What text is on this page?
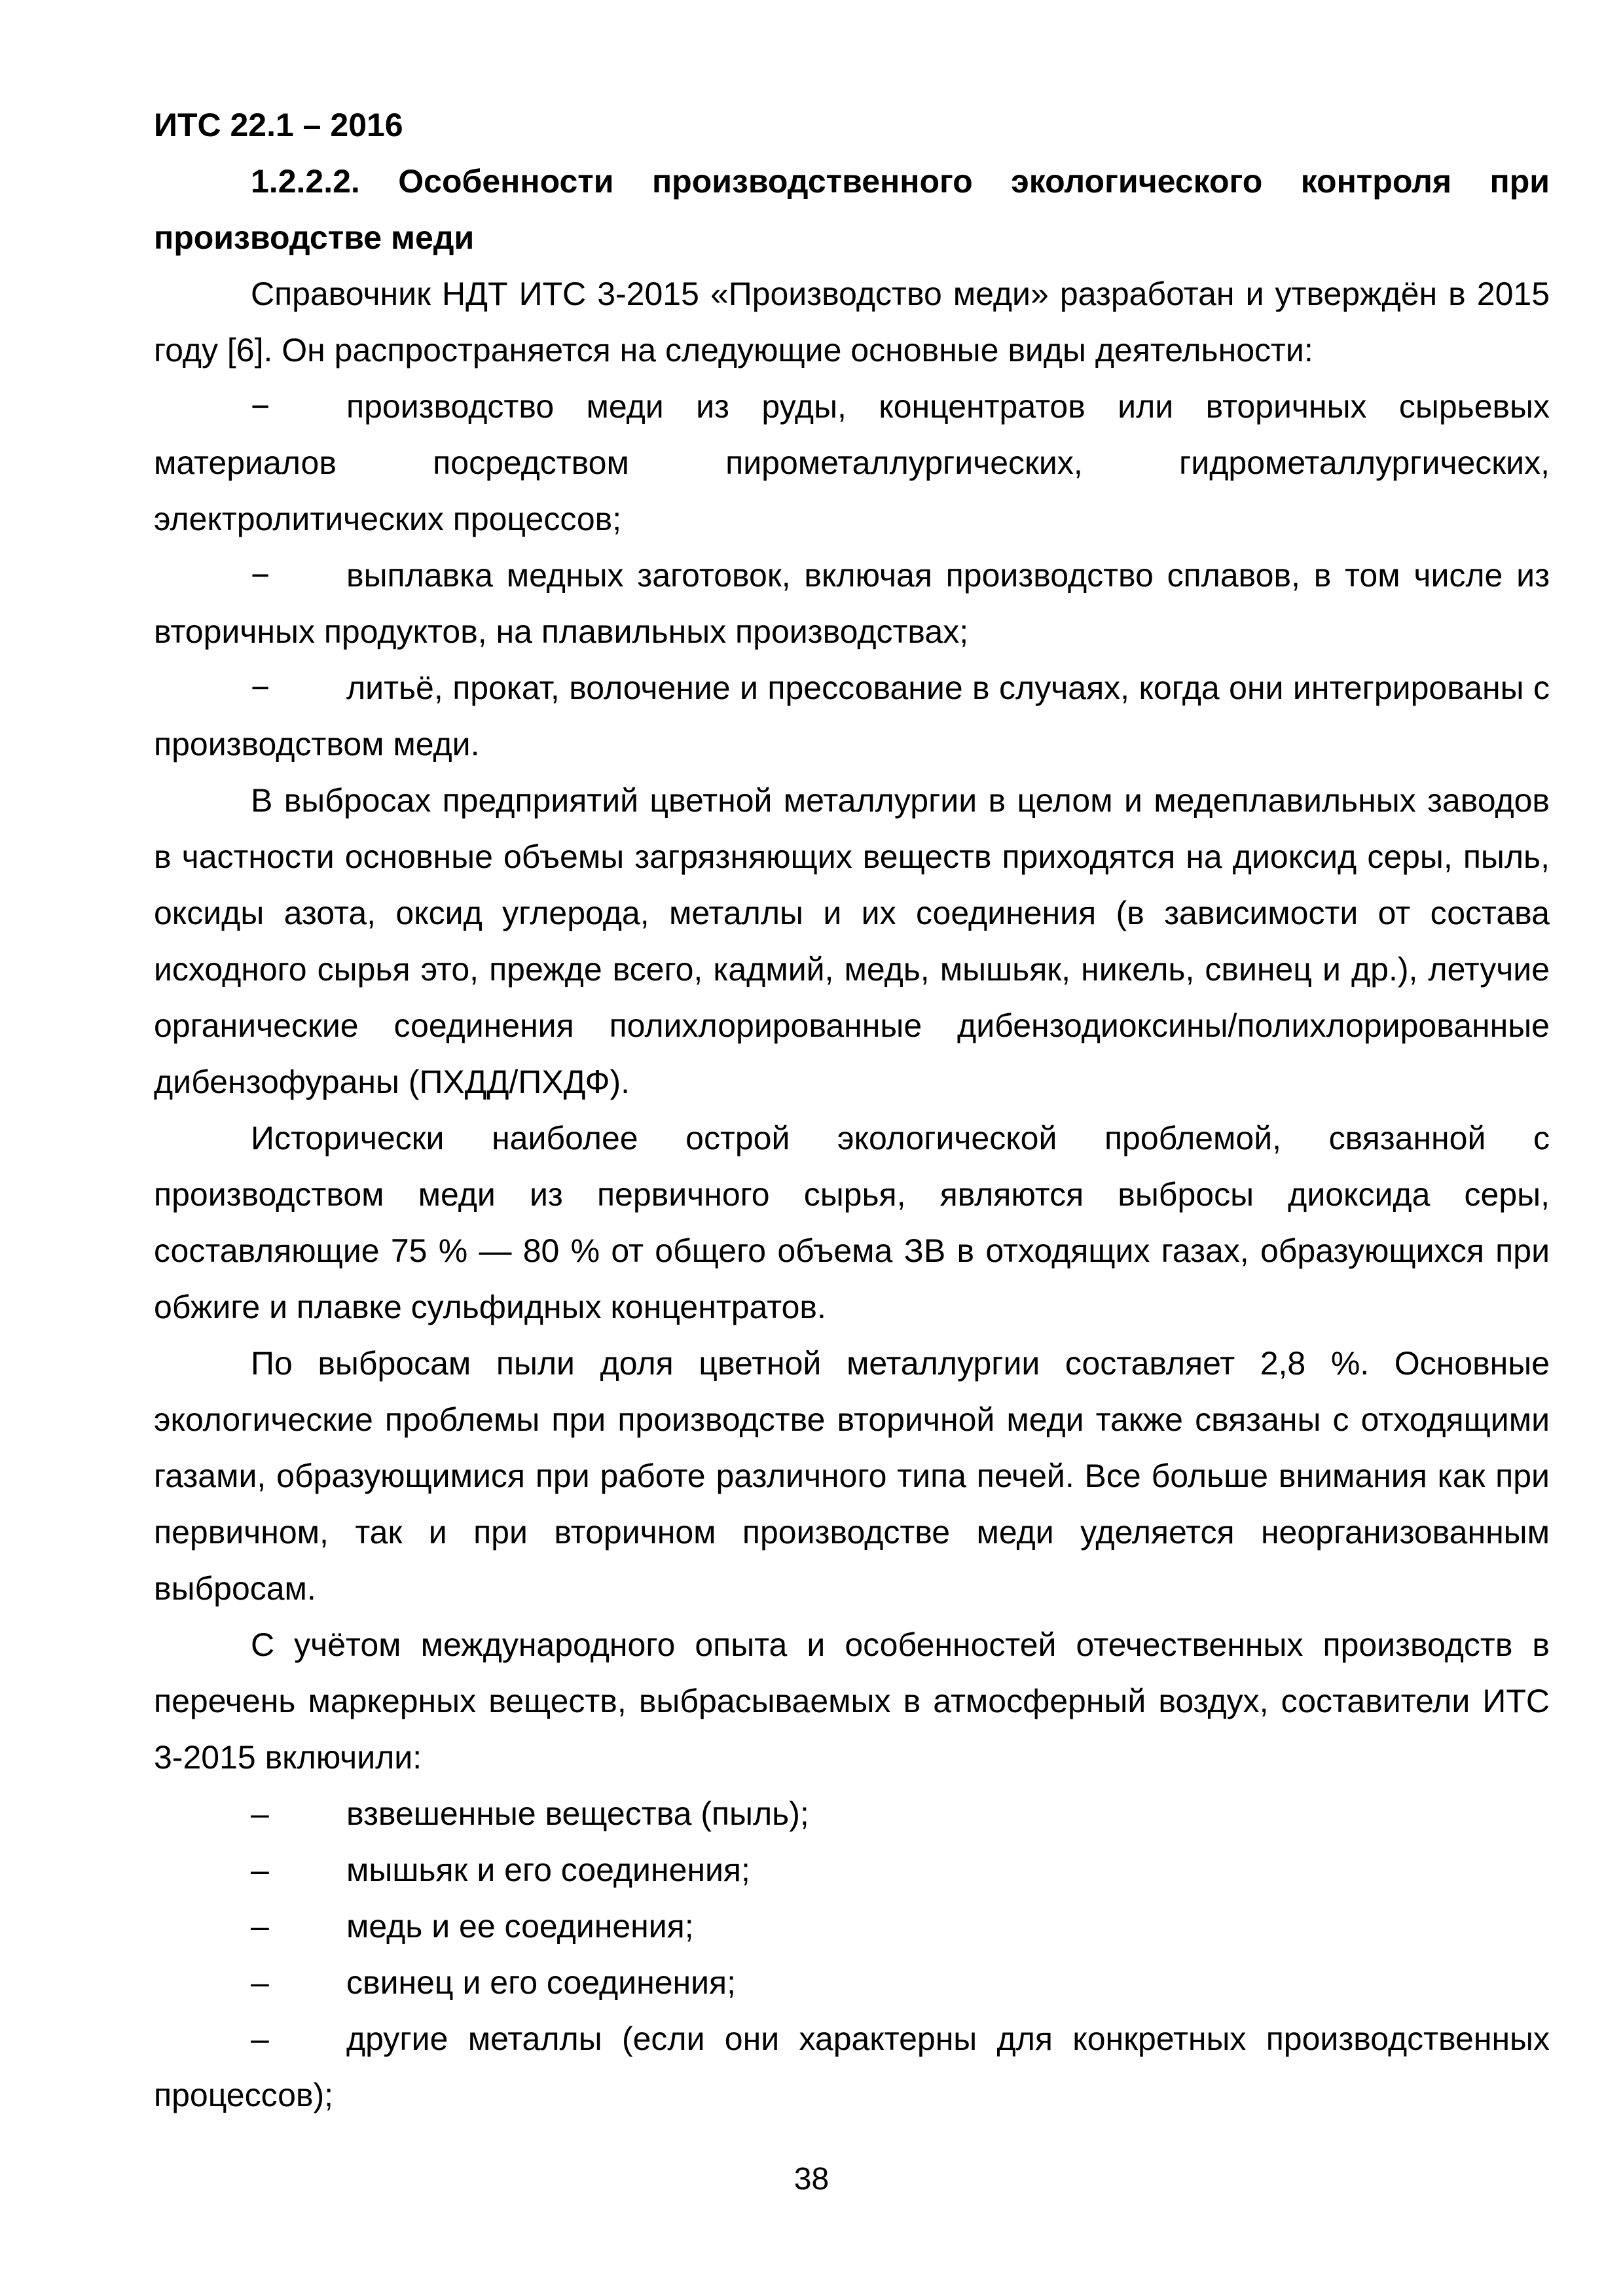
ИТС 22.1 – 2016

1.2.2.2. Особенности производственного экологического контроля при производстве меди

Справочник НДТ ИТС 3-2015 «Производство меди» разработан и утверждён в 2015 году [6]. Он распространяется на следующие основные виды деятельности:

− производство меди из руды, концентратов или вторичных сырьевых материалов посредством пирометаллургических, гидрометаллургических, электролитических процессов;

− выплавка медных заготовок, включая производство сплавов, в том числе из вторичных продуктов, на плавильных производствах;

− литьё, прокат, волочение и прессование в случаях, когда они интегрированы с производством меди.

В выбросах предприятий цветной металлургии в целом и медеплавильных заводов в частности основные объемы загрязняющих веществ приходятся на диоксид серы, пыль, оксиды азота, оксид углерода, металлы и их соединения (в зависимости от состава исходного сырья это, прежде всего, кадмий, медь, мышьяк, никель, свинец и др.), летучие органические соединения полихлорированные дибензодиоксины/полихлорированные дибензофураны (ПХДД/ПХДФ).

Исторически наиболее острой экологической проблемой, связанной с производством меди из первичного сырья, являются выбросы диоксида серы, составляющие 75 % — 80 % от общего объема ЗВ в отходящих газах, образующихся при обжиге и плавке сульфидных концентратов.

По выбросам пыли доля цветной металлургии составляет 2,8 %. Основные экологические проблемы при производстве вторичной меди также связаны с отходящими газами, образующимися при работе различного типа печей. Все больше внимания как при первичном, так и при вторичном производстве меди уделяется неорганизованным выбросам.

С учётом международного опыта и особенностей отечественных производств в перечень маркерных веществ, выбрасываемых в атмосферный воздух, составители ИТС 3-2015 включили:

– взвешенные вещества (пыль);

– мышьяк и его соединения;

– медь и ее соединения;

– свинец и его соединения;

– другие металлы (если они характерны для конкретных производственных процессов);

38
